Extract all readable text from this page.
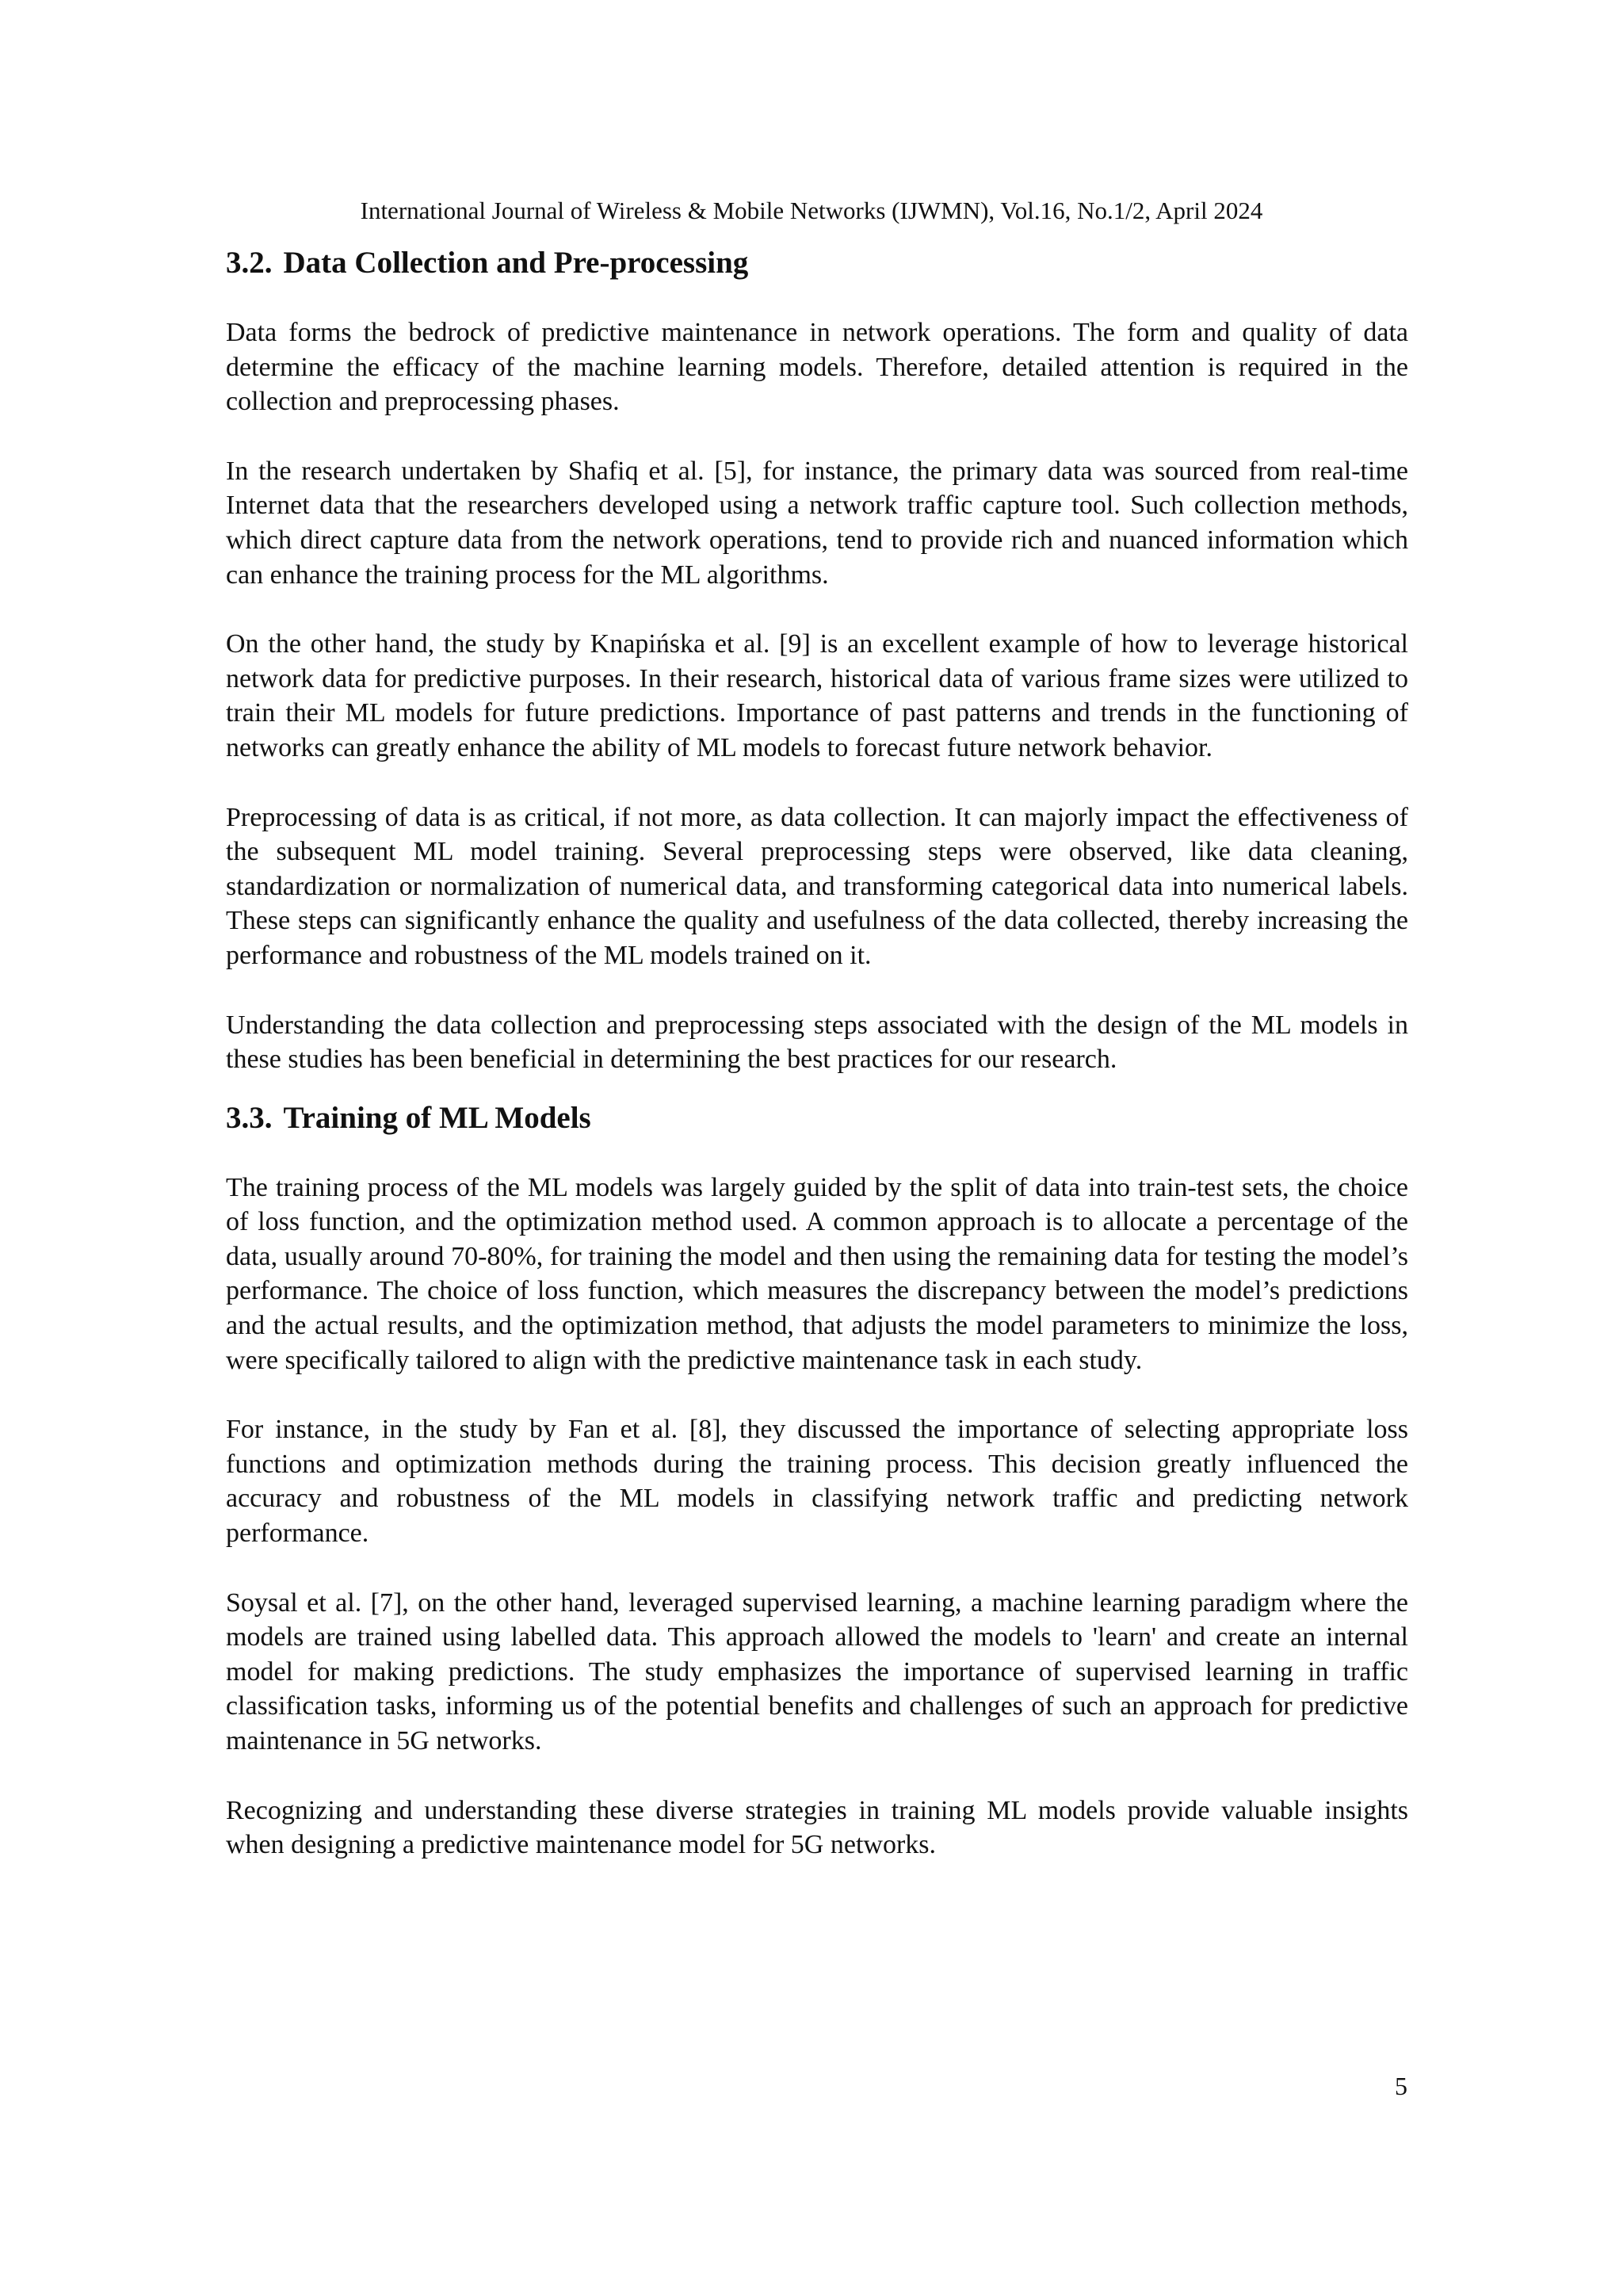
International Journal of Wireless & Mobile Networks (IJWMN), Vol.16, No.1/2, April 2024
3.2. Data Collection and Pre-processing

Data forms the bedrock of predictive maintenance in network operations. The form and quality of data determine the efficacy of the machine learning models. Therefore, detailed attention is required in the collection and preprocessing phases.

In the research undertaken by Shafiq et al. [5], for instance, the primary data was sourced from real-time Internet data that the researchers developed using a network traffic capture tool. Such collection methods, which direct capture data from the network operations, tend to provide rich and nuanced information which can enhance the training process for the ML algorithms.

On the other hand, the study by Knapińska et al. [9] is an excellent example of how to leverage historical network data for predictive purposes. In their research, historical data of various frame sizes were utilized to train their ML models for future predictions. Importance of past patterns and trends in the functioning of networks can greatly enhance the ability of ML models to forecast future network behavior.

Preprocessing of data is as critical, if not more, as data collection. It can majorly impact the effectiveness of the subsequent ML model training. Several preprocessing steps were observed, like data cleaning, standardization or normalization of numerical data, and transforming categorical data into numerical labels. These steps can significantly enhance the quality and usefulness of the data collected, thereby increasing the performance and robustness of the ML models trained on it.

Understanding the data collection and preprocessing steps associated with the design of the ML models in these studies has been beneficial in determining the best practices for our research.

3.3. Training of ML Models

The training process of the ML models was largely guided by the split of data into train-test sets, the choice of loss function, and the optimization method used. A common approach is to allocate a percentage of the data, usually around 70-80%, for training the model and then using the remaining data for testing the model’s performance. The choice of loss function, which measures the discrepancy between the model’s predictions and the actual results, and the optimization method, that adjusts the model parameters to minimize the loss, were specifically tailored to align with the predictive maintenance task in each study.

For instance, in the study by Fan et al. [8], they discussed the importance of selecting appropriate loss functions and optimization methods during the training process. This decision greatly influenced the accuracy and robustness of the ML models in classifying network traffic and predicting network performance.

Soysal et al. [7], on the other hand, leveraged supervised learning, a machine learning paradigm where the models are trained using labelled data. This approach allowed the models to 'learn' and create an internal model for making predictions. The study emphasizes the importance of supervised learning in traffic classification tasks, informing us of the potential benefits and challenges of such an approach for predictive maintenance in 5G networks.

Recognizing and understanding these diverse strategies in training ML models provide valuable insights when designing a predictive maintenance model for 5G networks.

5
